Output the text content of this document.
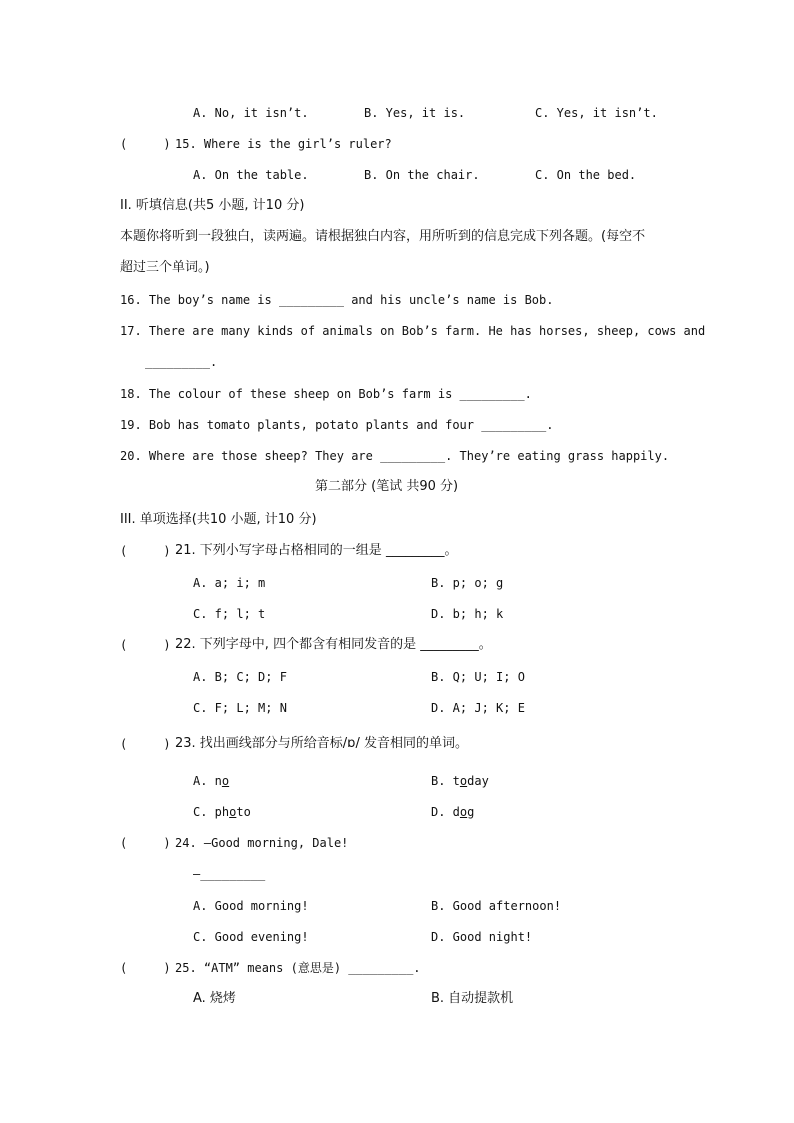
A. No, it isn’t.	B. Yes, it is.	C. Yes, it isn’t.
(     ) 15. Where is the girl’s ruler?
A. On the table.	B. On the chair.	C. On the bed.
II. 听填信息(共5 小题, 计10 分)
本题你将听到一段独白，读两遍。请根据独白内容，用所听到的信息完成下列各题。(每空不
超过三个单词。)
16. The boy’s name is _________ and his uncle’s name is Bob.
17. There are many kinds of animals on Bob’s farm. He has horses, sheep, cows and
_________.
18. The colour of these sheep on Bob’s farm is _________.
19. Bob has tomato plants, potato plants and four _________.
20. Where are those sheep? They are _________. They’re eating grass happily.
第二部分 (笔试 共90 分)
III. 单项选择(共10 小题, 计10 分)
(     ) 21. 下列小写字母占格相同的一组是 _________。
A. a; i; m	B. p; o; g
C. f; l; t	D. b; h; k
(     ) 22. 下列字母中, 四个都含有相同发音的是 _________。
A. B; C; D; F	B. Q; U; I; O
C. F; L; M; N	D. A; J; K; E
(     ) 23. 找出画线部分与所给音标/ɒ/ 发音相同的单词。
A. no	B. today
C. photo	D. dog
(     ) 24. —Good morning, Dale!
—_________
A. Good morning!	B. Good afternoon!
C. Good evening!	D. Good night!
(     ) 25. “ATM” means (意思是) _________.
A. 烧烤	B. 自动提款机
